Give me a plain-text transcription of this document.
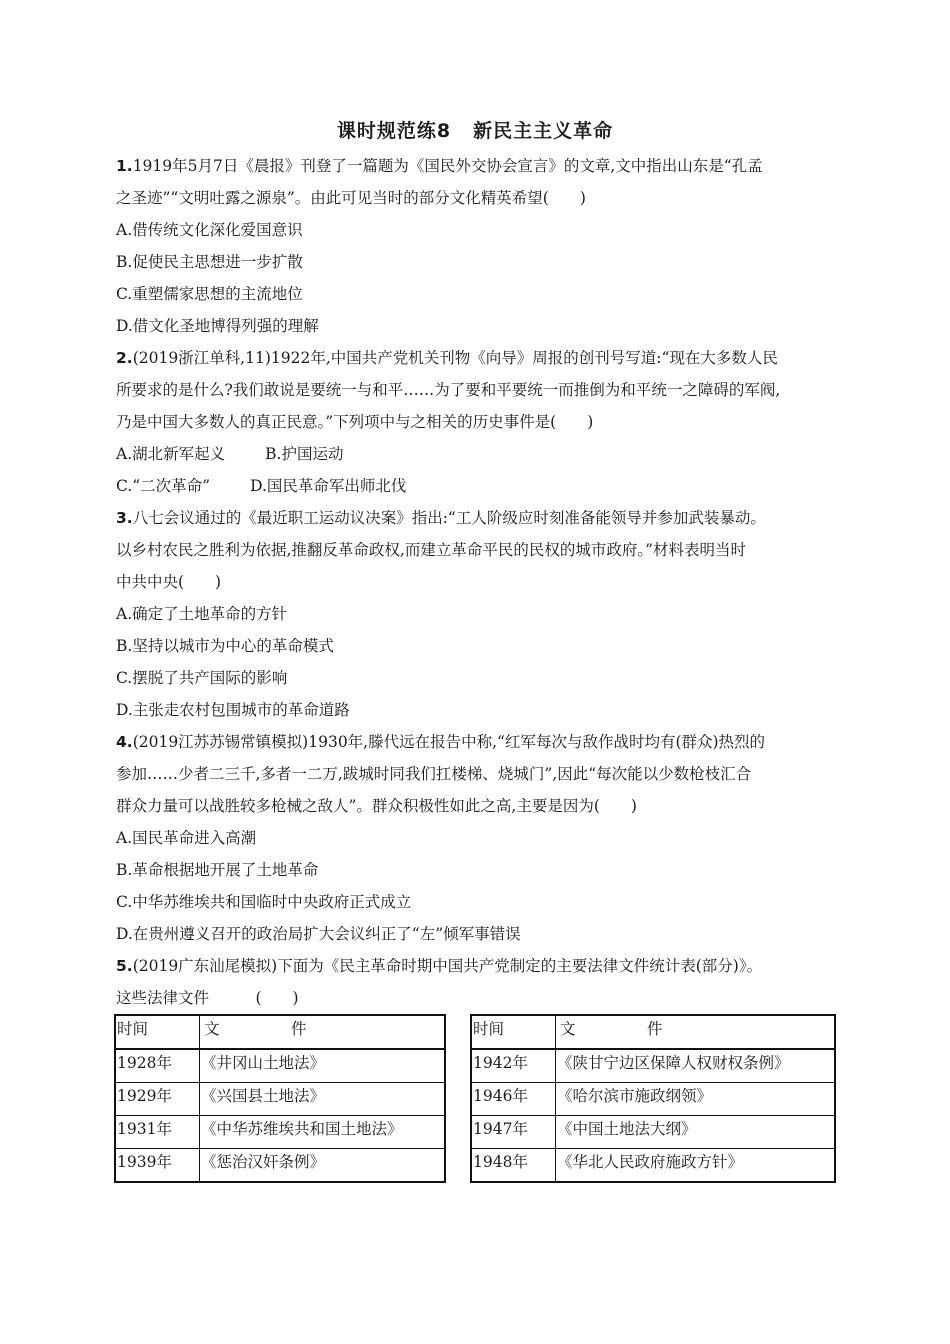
课时规范练8 新民主主义革命
1.1919年5月7日《晨报》刊登了一篇题为《国民外交协会宣言》的文章,文中指出山东是“孔孟
之圣迹”“文明吐露之源泉”。由此可见当时的部分文化精英希望(　　)
A.借传统文化深化爱国意识
B.促使民主思想进一步扩散
C.重塑儒家思想的主流地位
D.借文化圣地博得列强的理解
2.(2019浙江单科,11)1922年,中国共产党机关刊物《向导》周报的创刊号写道:“现在大多数人民
所要求的是什么?我们敢说是要统一与和平……为了要和平要统一而推倒为和平统一之障碍的军阀,
乃是中国大多数人的真正民意。”下列项中与之相关的历史事件是(　　)
A.湖北新军起义	B.护国运动
C.“二次革命”	D.国民革命军出师北伐
3.八七会议通过的《最近职工运动议决案》指出:“工人阶级应时刻准备能领导并参加武装暴动。
以乡村农民之胜利为依据,推翻反革命政权,而建立革命平民的民权的城市政府。”材料表明当时
中共中央(　　)
A.确定了土地革命的方针
B.坚持以城市为中心的革命模式
C.摆脱了共产国际的影响
D.主张走农村包围城市的革命道路
4.(2019江苏苏锡常镇模拟)1930年,滕代远在报告中称,“红军每次与敌作战时均有(群众)热烈的
参加……少者二三千,多者一二万,跋城时同我们扛楼梯、烧城门”,因此“每次能以少数枪枝汇合
群众力量可以战胜较多枪械之敌人”。群众积极性如此之高,主要是因为(　　)
A.国民革命进入高潮
B.革命根据地开展了土地革命
C.中华苏维埃共和国临时中央政府正式成立
D.在贵州遵义召开的政治局扩大会议纠正了“左”倾军事错误
5.(2019广东汕尾模拟)下面为《民主革命时期中国共产党制定的主要法律文件统计表(部分)》。
这些法律文件　　　(　　)
时间	文　件
1928年	《井冈山土地法》
1929年	《兴国县土地法》
1931年	《中华苏维埃共和国土地法》
1939年	《惩治汉奸条例》
时间	文　件
1942年	《陕甘宁边区保障人权财权条例》
1946年	《哈尔滨市施政纲领》
1947年	《中国土地法大纲》
1948年	《华北人民政府施政方针》
